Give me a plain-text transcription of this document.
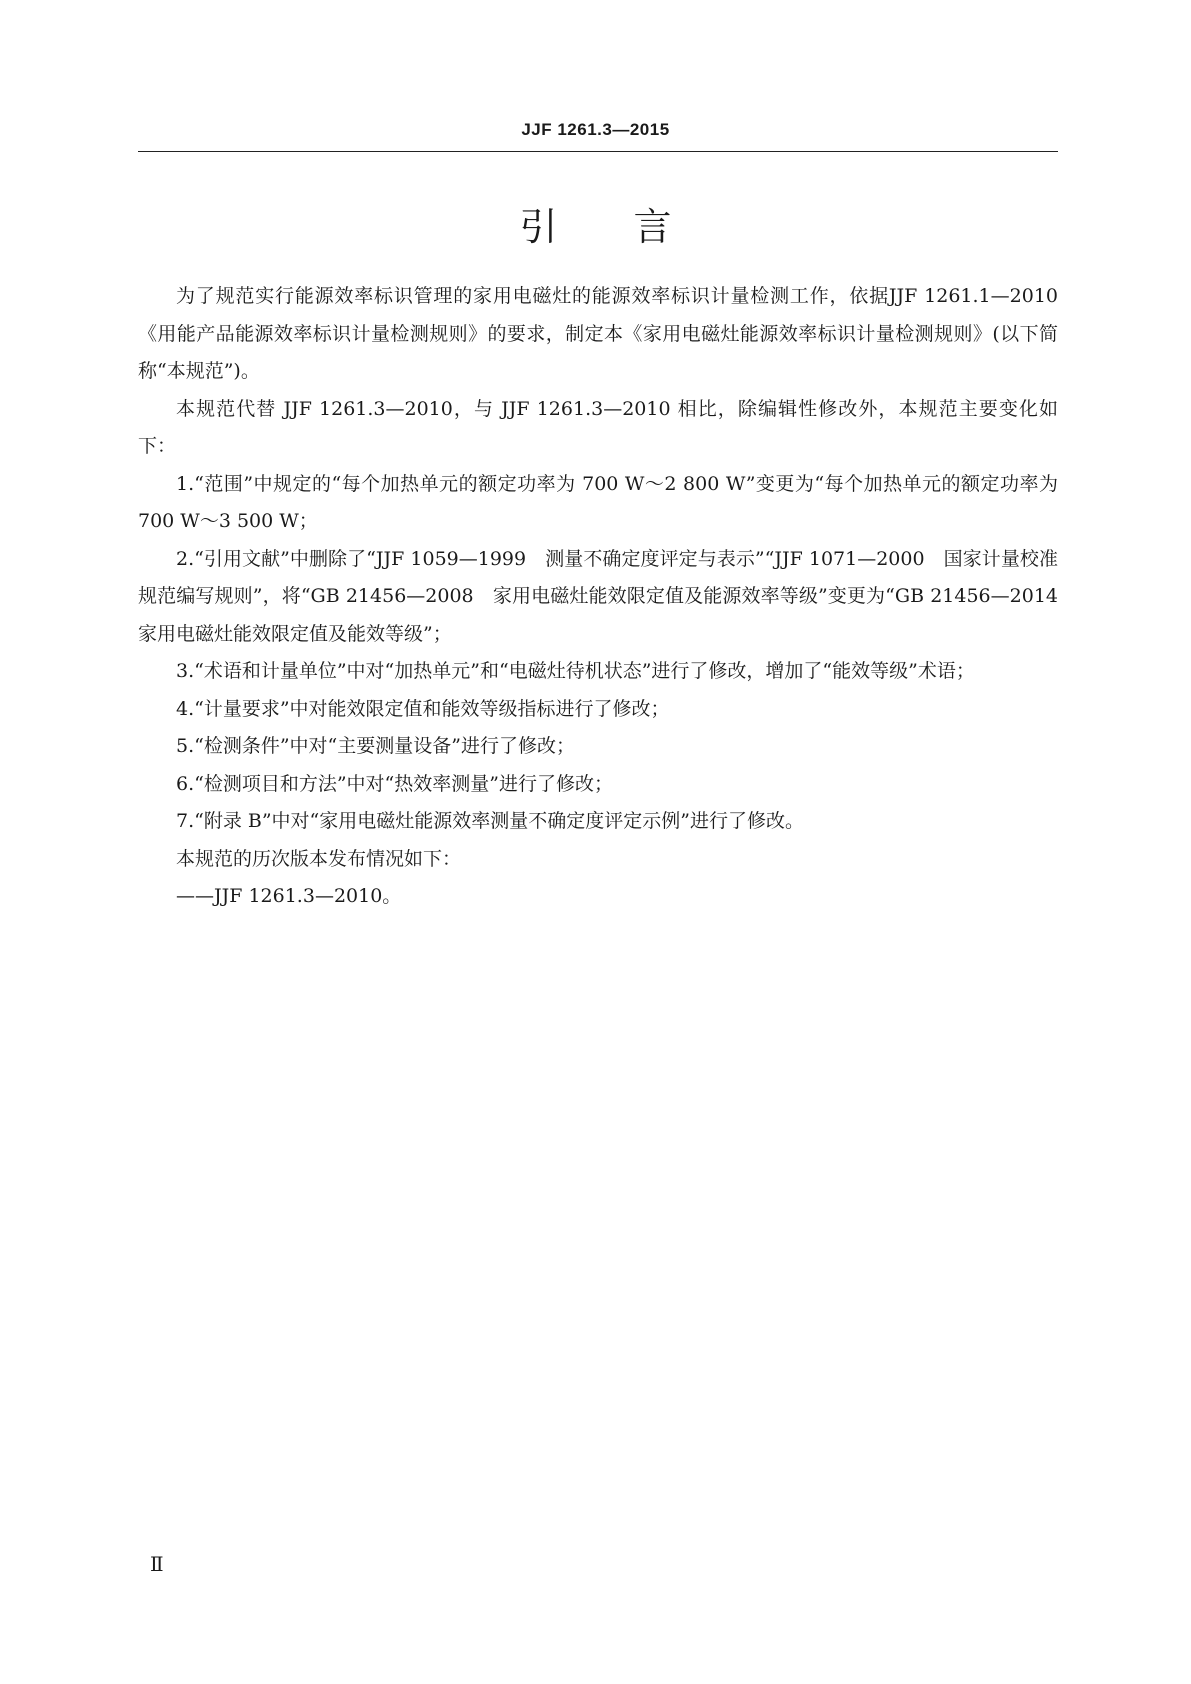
JJF 1261.3—2015
引 言

为了规范实行能源效率标识管理的家用电磁灶的能源效率标识计量检测工作，依据JJF 1261.1—2010《用能产品能源效率标识计量检测规则》的要求，制定本《家用电磁灶能源效率标识计量检测规则》(以下简称“本规范”)。

本规范代替 JJF 1261.3—2010，与 JJF 1261.3—2010 相比，除编辑性修改外，本规范主要变化如下：

1.“范围”中规定的“每个加热单元的额定功率为 700 W～2 800 W”变更为“每个加热单元的额定功率为 700 W～3 500 W；

2.“引用文献”中删除了“JJF 1059—1999　测量不确定度评定与表示”“JJF 1071—2000　国家计量校准规范编写规则”，将“GB 21456—2008　家用电磁灶能效限定值及能源效率等级”变更为“GB 21456—2014　家用电磁灶能效限定值及能效等级”；

3.“术语和计量单位”中对“加热单元”和“电磁灶待机状态”进行了修改，增加了“能效等级”术语；

4.“计量要求”中对能效限定值和能效等级指标进行了修改；

5.“检测条件”中对“主要测量设备”进行了修改；

6.“检测项目和方法”中对“热效率测量”进行了修改；

7.“附录 B”中对“家用电磁灶能源效率测量不确定度评定示例”进行了修改。

本规范的历次版本发布情况如下：

——JJF 1261.3—2010。

Ⅱ
